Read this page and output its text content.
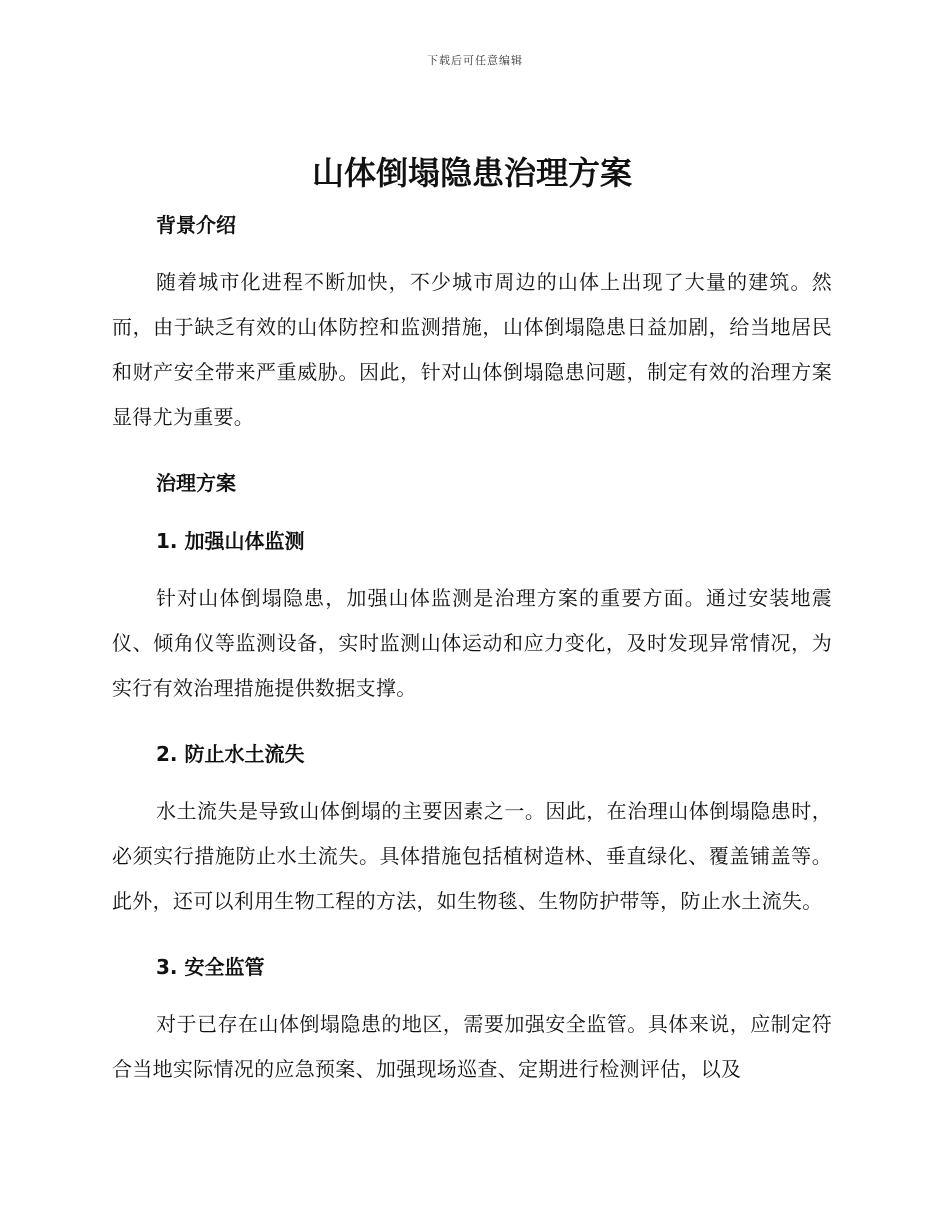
下载后可任意编辑
山体倒塌隐患治理方案
背景介绍

随着城市化进程不断加快，不少城市周边的山体上出现了大量的建筑。然而，由于缺乏有效的山体防控和监测措施，山体倒塌隐患日益加剧，给当地居民和财产安全带来严重威胁。因此，针对山体倒塌隐患问题，制定有效的治理方案显得尤为重要。

治理方案
1. 加强山体监测

针对山体倒塌隐患，加强山体监测是治理方案的重要方面。通过安装地震仪、倾角仪等监测设备，实时监测山体运动和应力变化，及时发现异常情况，为实行有效治理措施提供数据支撑。

2. 防止水土流失

水土流失是导致山体倒塌的主要因素之一。因此，在治理山体倒塌隐患时，必须实行措施防止水土流失。具体措施包括植树造林、垂直绿化、覆盖铺盖等。此外，还可以利用生物工程的方法，如生物毯、生物防护带等，防止水土流失。

3. 安全监管

对于已存在山体倒塌隐患的地区，需要加强安全监管。具体来说，应制定符合当地实际情况的应急预案、加强现场巡查、定期进行检测评估，以及
